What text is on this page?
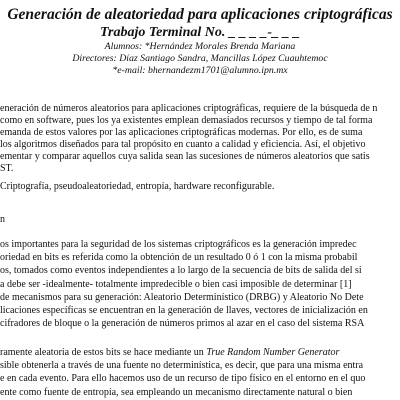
Generación de aleatoriedad para aplicaciones criptográficas
Trabajo Terminal No. _ _ _ _-_ _ _
Alumnos: *Hernández Morales Brenda Mariana
Directores: Díaz Santiago Sandra, Mancillas López Cuauhtemoc
*e-mail: bhernandezm1701@alumno.ipn.mx
eneración de números aleatorios para aplicaciones criptográficas, requiere de la búsqueda de n
como en software, pues los ya existentes emplean demasiados recursos y tiempo de tal forma
emanda de estos valores por las aplicaciones criptográficas modernas. Por ello, es de suma
los algoritmos diseñados para tal propósito en cuanto a calidad y eficiencia. Así, el objetivo
ementar y comparar aquellos cuya salida sean las sucesiones de números aleatorios que satis
ST.
Criptografía, pseudoaleatoriedad, entropía, hardware reconfigurable.
n
os importantes para la seguridad de los sistemas criptográficos es la generación impredec
oriedad en bits es referida como la obtención de un resultado 0 ó 1 con la misma probabil
os, tomados como eventos independientes a lo largo de la secuencia de bits de salida del si
a debe ser -idealmente- totalmente impredecible o bien casi imposible de determinar [1]
de mecanismos para su generación: Aleatorio Determinístico (DRBG) y Aleatorio No Dete
licaciones específicas se encuentran en la generación de llaves, vectores de inicialización en
cifradores de bloque o la generación de números primos al azar en el caso del sistema RSA
ramente aleatoria de estos bits se hace mediante un True Random Number Generator
sible obtenerla a través de una fuente no determinística, es decir, que para una misma entra
e en cada evento. Para ello hacemos uso de un recurso de tipo físico en el entorno en el quo
ente como fuente de entropía, sea empleando un mecanismo directamente natural o bien
